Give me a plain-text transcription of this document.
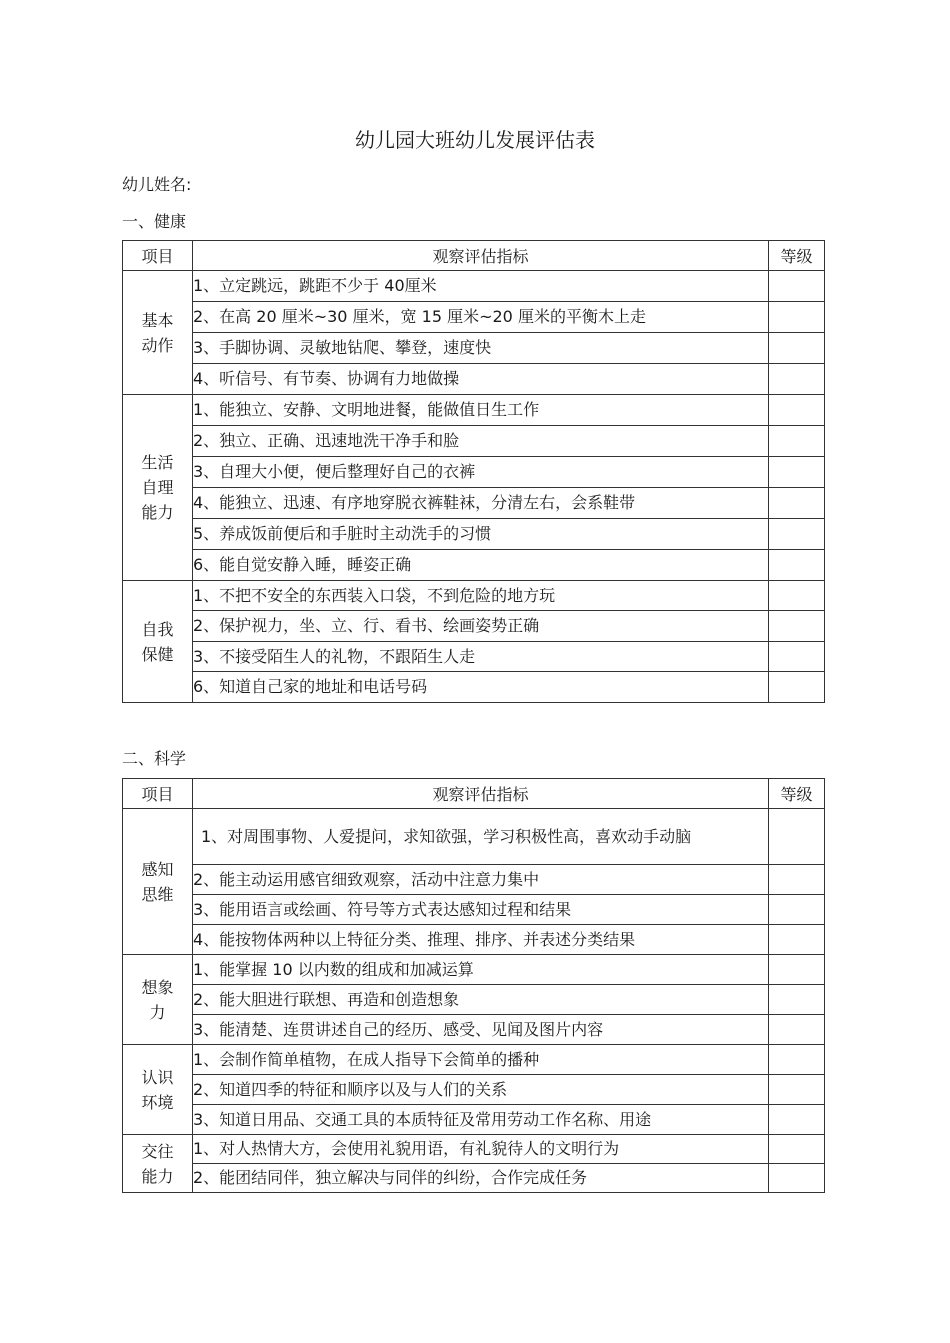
幼儿园大班幼儿发展评估表
幼儿姓名:
一、健康
项目	观察评估指标	等级

基本
动作	1、立定跳远，跳距不少于 40厘米	
	2、在高 20 厘米~30 厘米，宽 15 厘米~20 厘米的平衡木上走	
	3、手脚协调、灵敏地钻爬、攀登，速度快	
	4、听信号、有节奏、协调有力地做操	

生活
自理
能力	1、能独立、安静、文明地进餐，能做值日生工作	
	2、独立、正确、迅速地洗干净手和脸	
	3、自理大小便，便后整理好自己的衣裤	
	4、能独立、迅速、有序地穿脱衣裤鞋袜，分清左右，会系鞋带	
	5、养成饭前便后和手脏时主动洗手的习惯	
	6、能自觉安静入睡，睡姿正确	

自我
保健	1、不把不安全的东西装入口袋，不到危险的地方玩	
	2、保护视力，坐、立、行、看书、绘画姿势正确	
	3、不接受陌生人的礼物，不跟陌生人走	
	6、知道自己家的地址和电话号码	
二、科学
项目	观察评估指标	等级

感知
思维	1、对周围事物、人爱提问，求知欲强，学习积极性高，喜欢动手动脑	

	2、能主动运用感官细致观察，活动中注意力集中	
	3、能用语言或绘画、符号等方式表达感知过程和结果	
	4、能按物体两种以上特征分类、推理、排序、并表述分类结果	

想象
力	1、能掌握 10 以内数的组成和加减运算	
	2、能大胆进行联想、再造和创造想象	
	3、能清楚、连贯讲述自己的经历、感受、见闻及图片内容	

认识
环境	1、会制作简单植物，在成人指导下会简单的播种	
	2、知道四季的特征和顺序以及与人们的关系	
	3、知道日用品、交通工具的本质特征及常用劳动工作名称、用途	

交往
能力	1、对人热情大方，会使用礼貌用语，有礼貌待人的文明行为	
	2、能团结同伴，独立解决与同伴的纠纷，合作完成任务	
